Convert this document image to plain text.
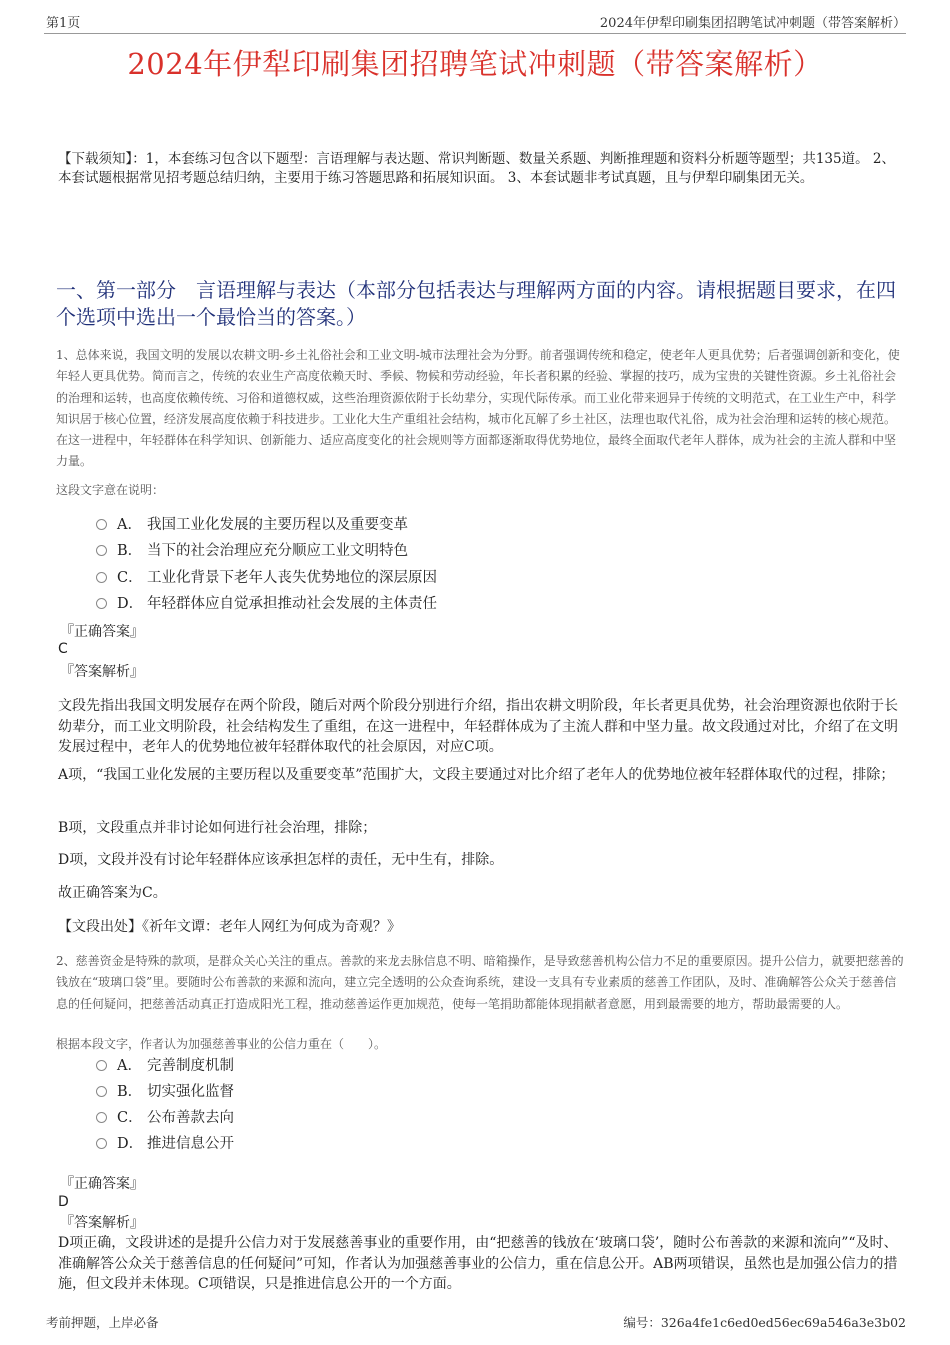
第1页	2024年伊犁印刷集团招聘笔试冲刺题（带答案解析）
2024年伊犁印刷集团招聘笔试冲刺题（带答案解析）
【下载须知】：1，本套练习包含以下题型：言语理解与表达题、常识判断题、数量关系题、判断推理题和资料分析题等题型；共135道。 2、本套试题根据常见招考题总结归纳，主要用于练习答题思路和拓展知识面。 3、本套试题非考试真题，且与伊犁印刷集团无关。
一、第一部分　言语理解与表达（本部分包括表达与理解两方面的内容。请根据题目要求，在四个选项中选出一个最恰当的答案。）
1、总体来说，我国文明的发展以农耕文明-乡土礼俗社会和工业文明-城市法理社会为分野。前者强调传统和稳定，使老年人更具优势；后者强调创新和变化，使年轻人更具优势。简而言之，传统的农业生产高度依赖天时、季候、物候和劳动经验，年长者积累的经验、掌握的技巧，成为宝贵的关键性资源。乡土礼俗社会的治理和运转，也高度依赖传统、习俗和道德权威，这些治理资源依附于长幼辈分，实现代际传承。而工业化带来迥异于传统的文明范式，在工业生产中，科学知识居于核心位置，经济发展高度依赖于科技进步。工业化大生产重组社会结构，城市化瓦解了乡土社区，法理也取代礼俗，成为社会治理和运转的核心规范。在这一进程中，年轻群体在科学知识、创新能力、适应高度变化的社会规则等方面都逐渐取得优势地位，最终全面取代老年人群体，成为社会的主流人群和中坚力量。
这段文字意在说明：
A． 我国工业化发展的主要历程以及重要变革
B． 当下的社会治理应充分顺应工业文明特色
C． 工业化背景下老年人丧失优势地位的深层原因
D． 年轻群体应自觉承担推动社会发展的主体责任
『正确答案』
C
『答案解析』
文段先指出我国文明发展存在两个阶段，随后对两个阶段分别进行介绍，指出农耕文明阶段，年长者更具优势，社会治理资源也依附于长幼辈分，而工业文明阶段，社会结构发生了重组，在这一进程中，年轻群体成为了主流人群和中坚力量。故文段通过对比，介绍了在文明发展过程中，老年人的优势地位被年轻群体取代的社会原因，对应C项。
A项，“我国工业化发展的主要历程以及重要变革”范围扩大，文段主要通过对比介绍了老年人的优势地位被年轻群体取代的过程，排除；
B项，文段重点并非讨论如何进行社会治理，排除；
D项，文段并没有讨论年轻群体应该承担怎样的责任，无中生有，排除。
故正确答案为C。
【文段出处】《祈年文谭：老年人网红为何成为奇观？》
2、慈善资金是特殊的款项，是群众关心关注的重点。善款的来龙去脉信息不明、暗箱操作，是导致慈善机构公信力不足的重要原因。提升公信力，就要把慈善的钱放在“玻璃口袋”里。要随时公布善款的来源和流向，建立完全透明的公众查询系统，建设一支具有专业素质的慈善工作团队，及时、准确解答公众关于慈善信息的任何疑问，把慈善活动真正打造成阳光工程，推动慈善运作更加规范，使每一笔捐助都能体现捐献者意愿，用到最需要的地方，帮助最需要的人。
根据本段文字，作者认为加强慈善事业的公信力重在（　　）。
A． 完善制度机制
B． 切实强化监督
C． 公布善款去向
D． 推进信息公开
『正确答案』
D
『答案解析』
D项正确，文段讲述的是提升公信力对于发展慈善事业的重要作用，由“把慈善的钱放在‘玻璃口袋’，随时公布善款的来源和流向”“及时、准确解答公众关于慈善信息的任何疑问”可知，作者认为加强慈善事业的公信力，重在信息公开。AB两项错误，虽然也是加强公信力的措施，但文段并未体现。C项错误，只是推进信息公开的一个方面。
考前押题，上岸必备	编号：326a4fe1c6ed0ed56ec69a546a3e3b02
